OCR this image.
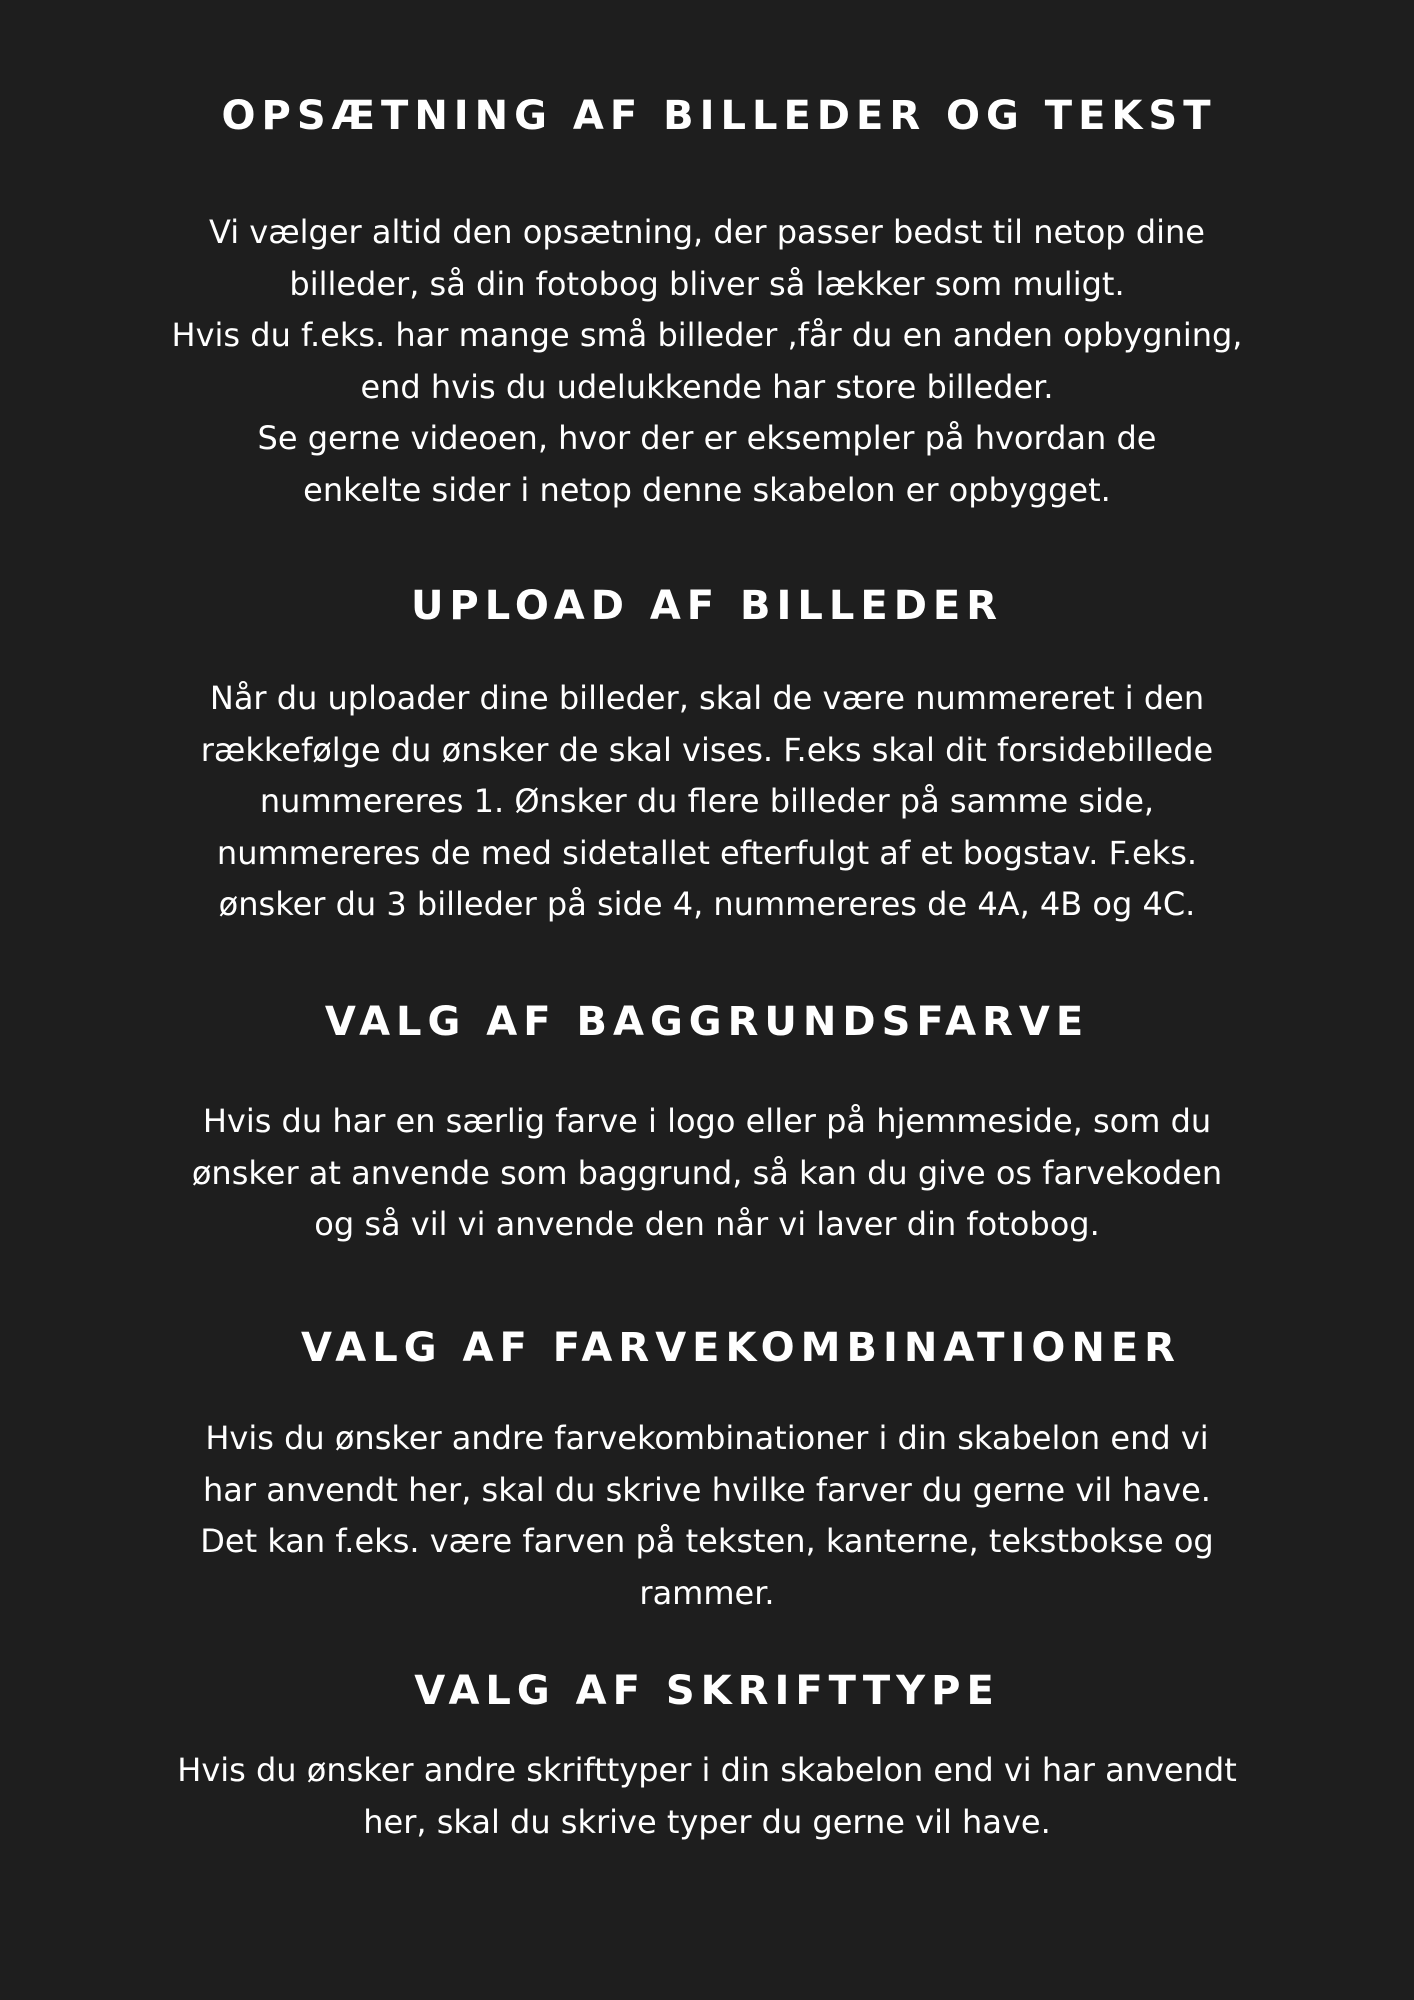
OPSÆTNING AF BILLEDER OG TEKST
Vi vælger altid den opsætning, der passer bedst til netop dine
billeder, så din fotobog bliver så lækker som muligt.
Hvis du f.eks. har mange små billeder ,får du en anden opbygning,
end hvis du udelukkende har store billeder.
Se gerne videoen, hvor der er eksempler på hvordan de
enkelte sider i netop denne skabelon er opbygget.
UPLOAD AF BILLEDER
Når du uploader dine billeder, skal de være nummereret i den
rækkefølge du ønsker de skal vises. F.eks skal dit forsidebillede
nummereres 1. Ønsker du flere billeder på samme side,
nummereres de med sidetallet efterfulgt af et bogstav. F.eks.
ønsker du 3 billeder på side 4, nummereres de 4A, 4B og 4C.
VALG AF BAGGRUNDSFARVE
Hvis du har en særlig farve i logo eller på hjemmeside, som du
ønsker at anvende som baggrund, så kan du give os farvekoden
og så vil vi anvende den når vi laver din fotobog.
VALG AF FARVEKOMBINATIONER
Hvis du ønsker andre farvekombinationer i din skabelon end vi
har anvendt her, skal du skrive hvilke farver du gerne vil have.
Det kan f.eks. være farven på teksten, kanterne, tekstbokse og
rammer.
VALG AF SKRIFTTYPE
Hvis du ønsker andre skrifttyper i din skabelon end vi har anvendt
her, skal du skrive typer du gerne vil have.
